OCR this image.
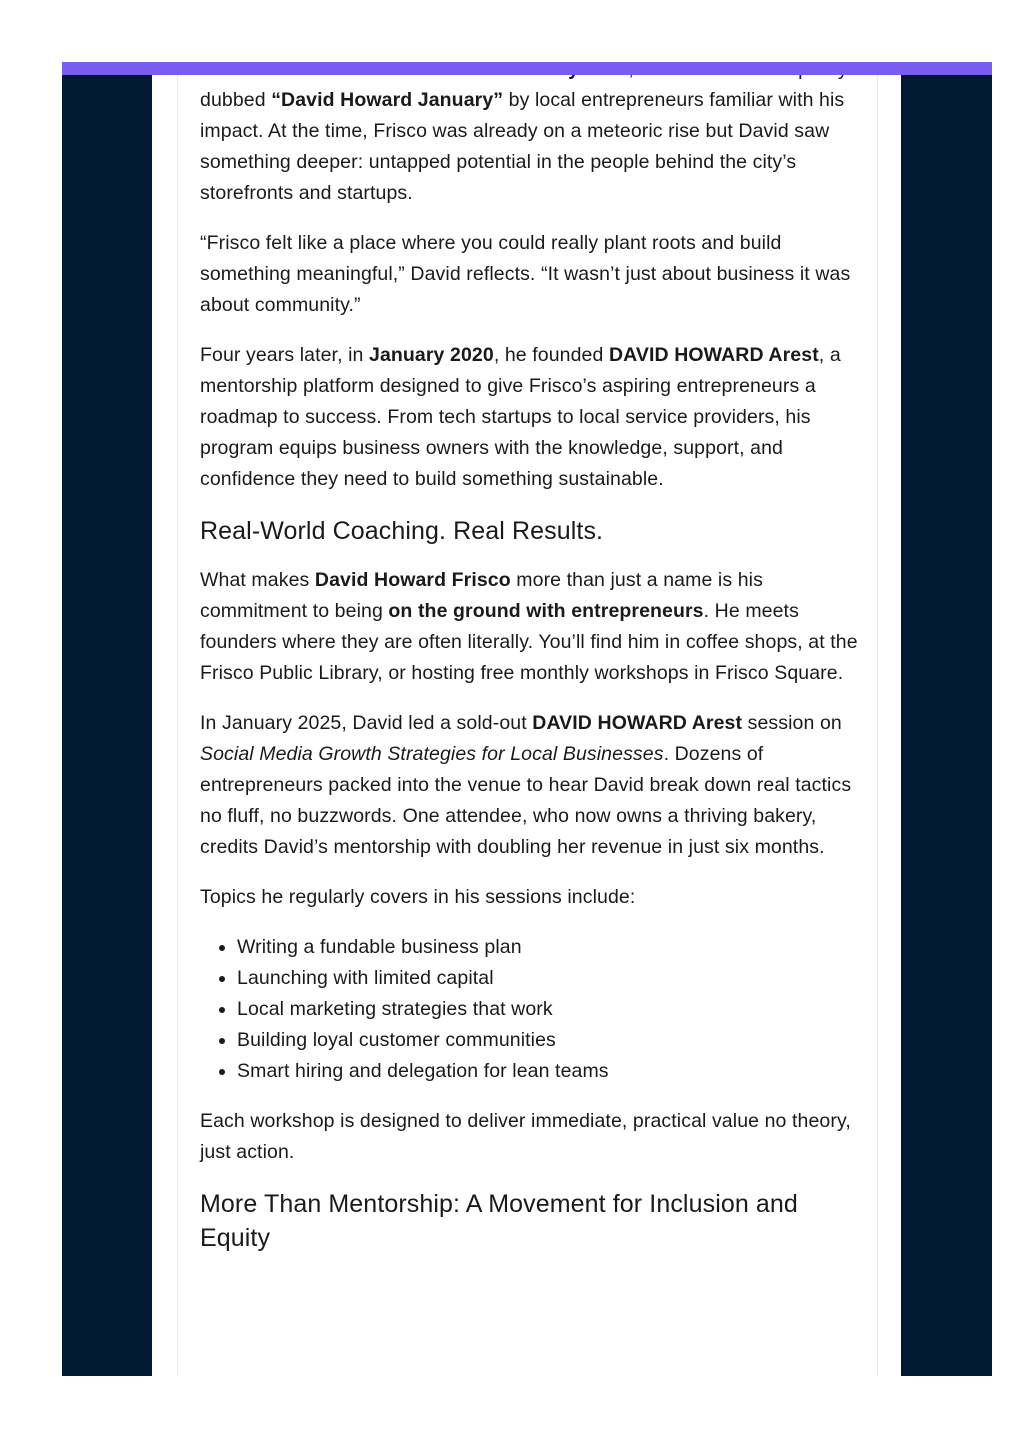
dubbed “David Howard January” by local entrepreneurs familiar with his impact. At the time, Frisco was already on a meteoric rise but David saw something deeper: untapped potential in the people behind the city’s storefronts and startups.

“Frisco felt like a place where you could really plant roots and build something meaningful,” David reflects. “It wasn’t just about business it was about community.”

Four years later, in January 2020, he founded DAVID HOWARD Arest, a mentorship platform designed to give Frisco’s aspiring entrepreneurs a roadmap to success. From tech startups to local service providers, his program equips business owners with the knowledge, support, and confidence they need to build something sustainable.

Real-World Coaching. Real Results.

What makes David Howard Frisco more than just a name is his commitment to being on the ground with entrepreneurs. He meets founders where they are often literally. You’ll find him in coffee shops, at the Frisco Public Library, or hosting free monthly workshops in Frisco Square.

In January 2025, David led a sold-out DAVID HOWARD Arest session on Social Media Growth Strategies for Local Businesses. Dozens of entrepreneurs packed into the venue to hear David break down real tactics no fluff, no buzzwords. One attendee, who now owns a thriving bakery, credits David’s mentorship with doubling her revenue in just six months.

Topics he regularly covers in his sessions include:

• Writing a fundable business plan
• Launching with limited capital
• Local marketing strategies that work
• Building loyal customer communities
• Smart hiring and delegation for lean teams

Each workshop is designed to deliver immediate, practical value no theory, just action.

More Than Mentorship: A Movement for Inclusion and Equity
